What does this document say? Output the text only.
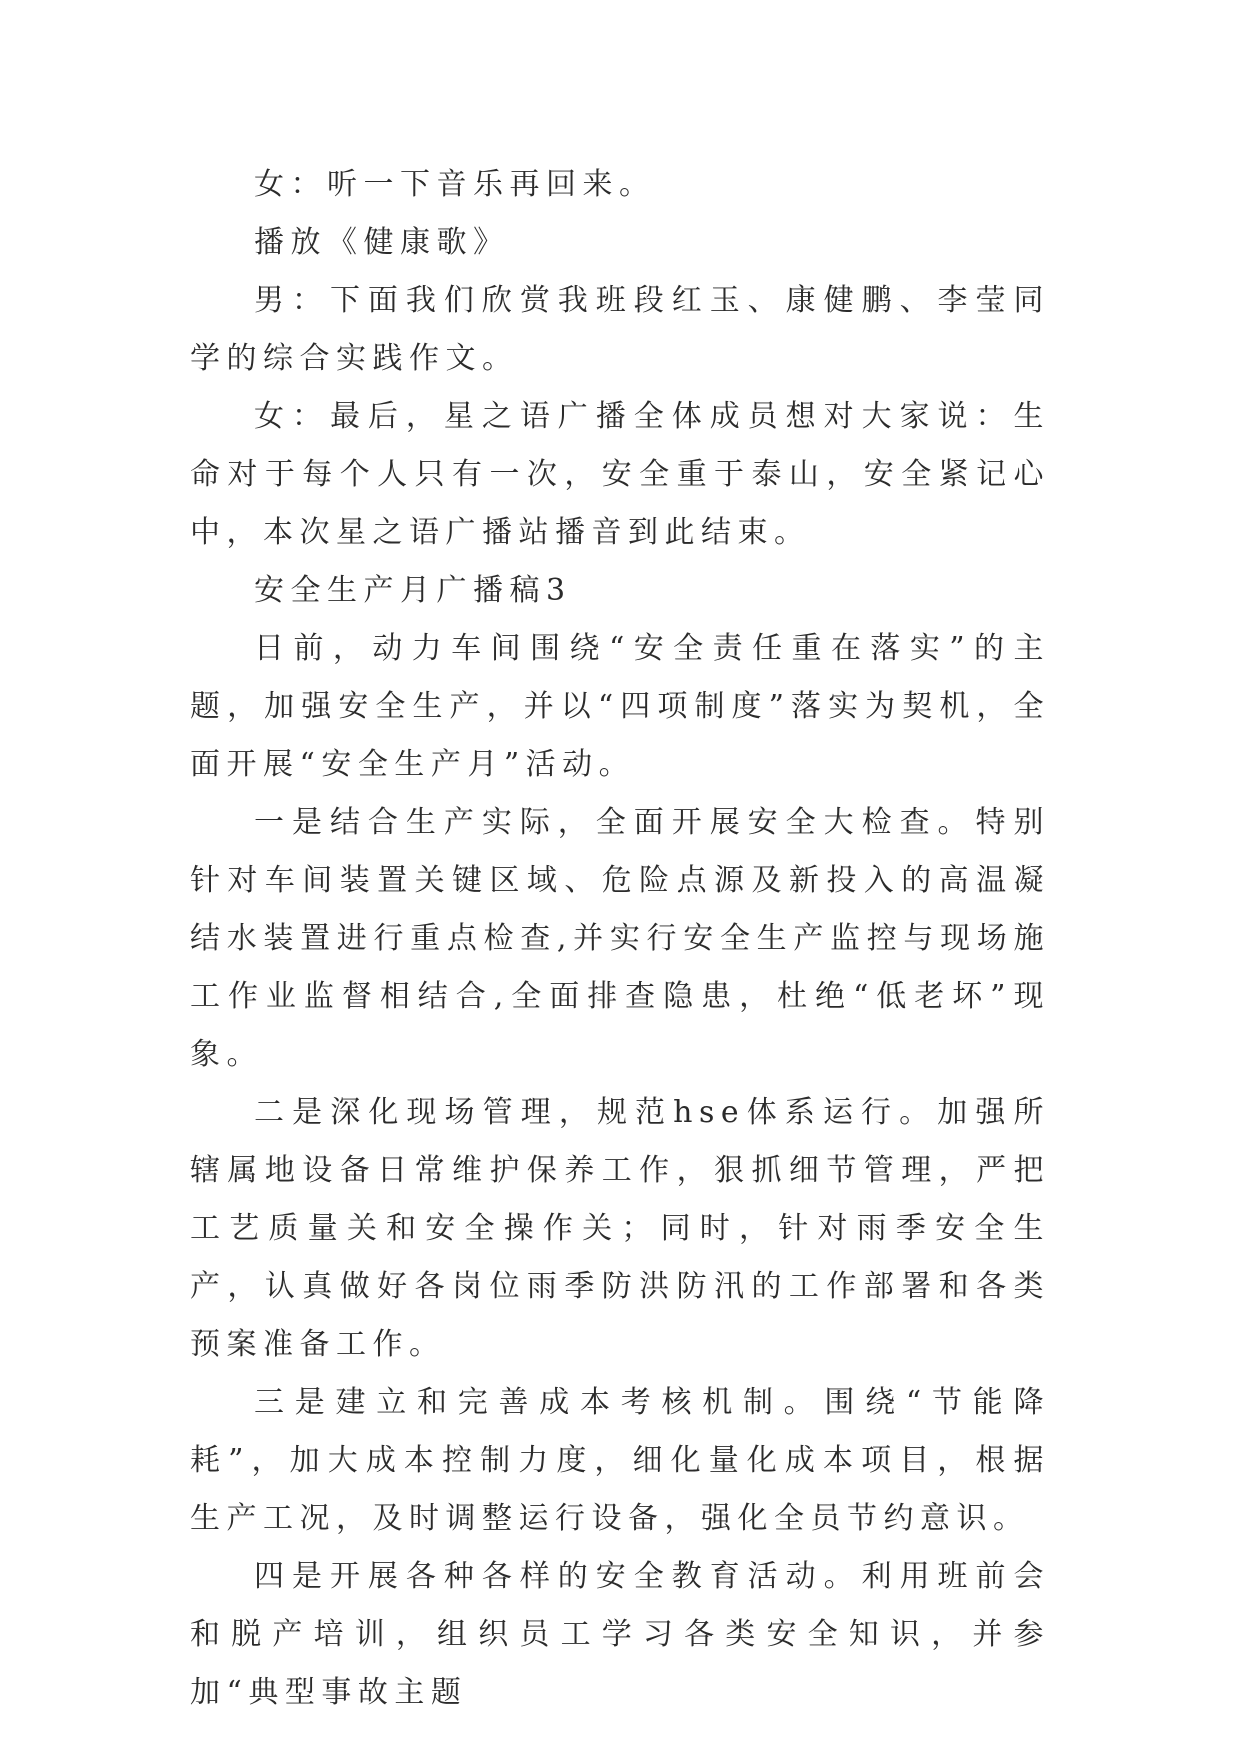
女：听一下音乐再回来。

播放《健康歌》

男：下面我们欣赏我班段红玉、康健鹏、李莹同学的综合实践作文。

女：最后，星之语广播全体成员想对大家说：生命对于每个人只有一次，安全重于泰山，安全紧记心中，本次星之语广播站播音到此结束。

安全生产月广播稿3

日前，动力车间围绕“安全责任重在落实”的主题，加强安全生产，并以“四项制度”落实为契机，全面开展“安全生产月”活动。

一是结合生产实际，全面开展安全大检查。特别针对车间装置关键区域、危险点源及新投入的高温凝结水装置进行重点检查,并实行安全生产监控与现场施工作业监督相结合,全面排查隐患，杜绝“低老坏”现象。

二是深化现场管理，规范hse体系运行。加强所辖属地设备日常维护保养工作，狠抓细节管理，严把工艺质量关和安全操作关；同时，针对雨季安全生产，认真做好各岗位雨季防洪防汛的工作部署和各类预案准备工作。

三是建立和完善成本考核机制。围绕“节能降耗”，加大成本控制力度，细化量化成本项目，根据生产工况，及时调整运行设备，强化全员节约意识。

四是开展各种各样的安全教育活动。利用班前会和脱产培训，组织员工学习各类安全知识，并参加“典型事故主题
